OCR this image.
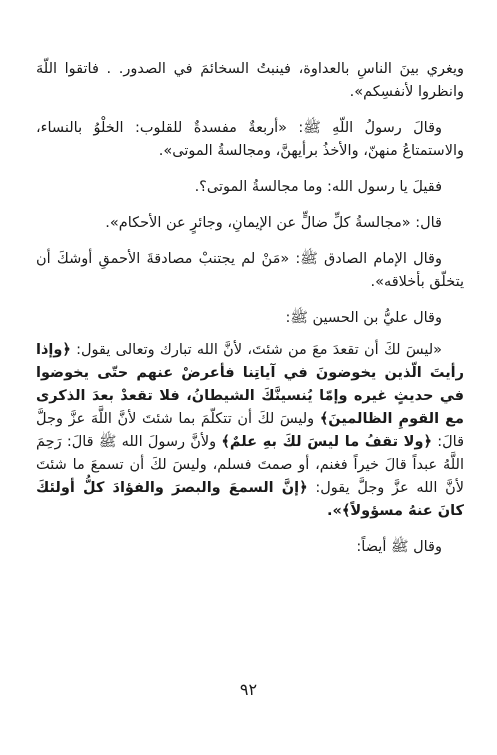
ويغري بينَ الناسِ بالعداوة، فينبتُ السخائمَ في الصدور. . فاتقوا اللّهَ وانظروا لأنفسِكم».

وقالَ رسولُ اللّهِ ﷺ: «أربعةٌ مفسدةٌ للقلوب: الخلْوُ بالنساء، والاستمتاعُ منهنّ، والأخذُ برأيهنَّ، ومجالسةُ الموتى».

فقيلَ يا رسول الله: وما مجالسةُ الموتى؟.

قال: «مجالسةُ كلِّ ضالٍّ عن الإيمانِ، وجائرٍ عن الأحكام».

وقال الإمام الصادق ﷺ: «مَنْ لم يجتنبْ مصادقةَ الأحمقِ أوشكَ أن يتخلّق بأخلاقه».

وقال عليُّ بن الحسين ﷺ:

«ليسَ لكَ أن تقعدَ معَ من شئتَ، لأنَّ الله تبارك وتعالى يقول: ﴿وإذا رأيتَ الّذين يخوضونَ في آياتِنا فأعرضْ عنهم حتّى يخوضوا في حديثٍ غيره وإمّا يُنسينَّكَ الشيطانُ، فلا تقعدْ بعدَ الذكرى مع القومِ الظالمينَ﴾ وليسَ لكَ أن تتكلّمَ بما شئتَ لأنَّ اللَّهَ عزَّ وجلَّ قالَ: ﴿ولا تقفُ ما ليسَ لكَ بهِ علمٌ﴾ ولأنَّ رسولَ الله ﷺ قالَ: رَحِمَ اللَّهُ عبداً قالَ خيراً فغنم، أو صمتَ فسلم، وليسَ لكَ أن تسمعَ ما شئتَ لأنَّ الله عزَّ وجلَّ يقول: ﴿إنَّ السمعَ والبصرَ والفؤادَ كلُّ أولئكَ كانَ عنهُ مسؤولاً﴾».

وقال ﷺ أيضاً:

٩٢
